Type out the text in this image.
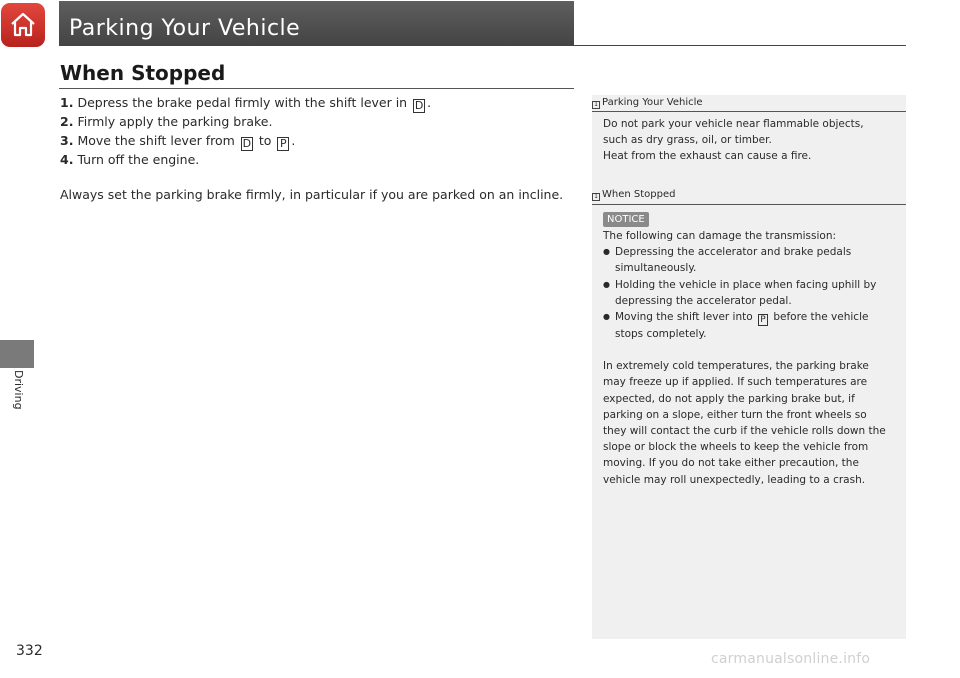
Parking Your Vehicle
Driving
When Stopped
1. Depress the brake pedal firmly with the shift lever in D .
2. Firmly apply the parking brake.
3. Move the shift lever from D to P .
4. Turn off the engine.
Always set the parking brake firmly, in particular if you are parked on an incline.
1 Parking Your Vehicle
Do not park your vehicle near flammable objects,
such as dry grass, oil, or timber.
Heat from the exhaust can cause a fire.
1 When Stopped
NOTICE
The following can damage the transmission:
● Depressing the accelerator and brake pedals
simultaneously.
● Holding the vehicle in place when facing uphill by
depressing the accelerator pedal.
● Moving the shift lever into P before the vehicle
stops completely.
In extremely cold temperatures, the parking brake
may freeze up if applied. If such temperatures are
expected, do not apply the parking brake but, if
parking on a slope, either turn the front wheels so
they will contact the curb if the vehicle rolls down the
slope or block the wheels to keep the vehicle from
moving. If you do not take either precaution, the
vehicle may roll unexpectedly, leading to a crash.
332	carmanualsonline.info
